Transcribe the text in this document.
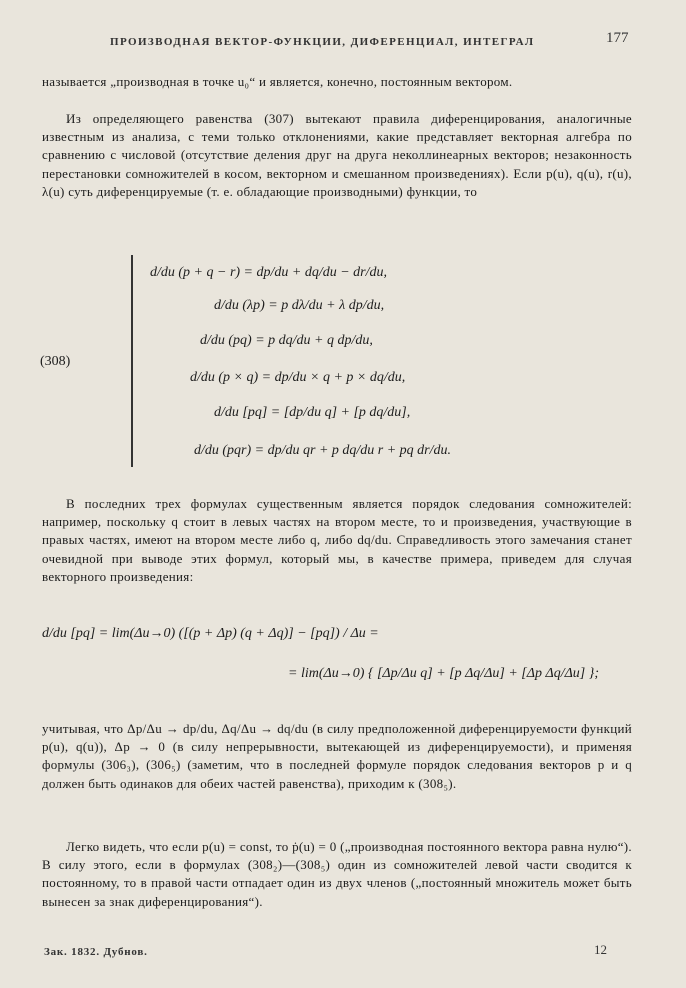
ПРОИЗВОДНАЯ ВЕКТОР-ФУНКЦИИ, ДИФЕРЕНЦИАЛ, ИНТЕГРАЛ	177
называется „производная в точке u₀“ и является, конечно, постоянным вектором.
Из определяющего равенства (307) вытекают правила диференцирования, аналогичные известным из анализа, с теми только отклонениями, какие представляет векторная алгебра по сравнению с числовой (отсутствие деления друг на друга неколлинеарных векторов; незаконность перестановки сомножителей в косом, векторном и смешанном произведениях). Если p(u), q(u), r(u), λ(u) суть диференцируемые (т. е. обладающие производными) функции, то
(308)
d/du (p + q − r) = dp/du + dq/du − dr/du,
d/du (λp) = p dλ/du + λ dp/du,
d/du (pq) = p dq/du + q dp/du,
d/du (p × q) = dp/du × q + p × dq/du,
d/du [pq] = [dp/du q] + [p dq/du],
d/du (pqr) = dp/du qr + p dq/du r + pq dr/du.
В последних трех формулах существенным является порядок следования сомножителей: например, поскольку q стоит в левых частях на втором месте, то и произведения, участвующие в правых частях, имеют на втором месте либо q, либо dq/du. Справедливость этого замечания станет очевидной при выводе этих формул, который мы, в качестве примера, приведем для случая векторного произведения:
d/du [pq] = lim(Δu→0) ([(p + Δp) (q + Δq)] − [pq]) / Δu =
= lim(Δu→0) { [Δp/Δu q] + [p Δq/Δu] + [Δp Δq/Δu] };
учитывая, что Δp/Δu → dp/du, Δq/Δu → dq/du (в силу предположенной диференцируемости функций p(u), q(u)), Δp → 0 (в силу непрерывности, вытекающей из диференцируемости), и применяя формулы (306₃), (306₅) (заметим, что в последней формуле порядок следования векторов p и q должен быть одинаков для обеих частей равенства), приходим к (308₅).
Легко видеть, что если p(u) = const, то ṗ(u) = 0 („производная постоянного вектора равна нулю“). В силу этого, если в формулах (308₂)—(308₅) один из сомножителей левой части сводится к постоянному, то в правой части отпадает один из двух членов („постоянный множитель может быть вынесен за знак диференцирования“).
Зак. 1832. Дубнов.	12
